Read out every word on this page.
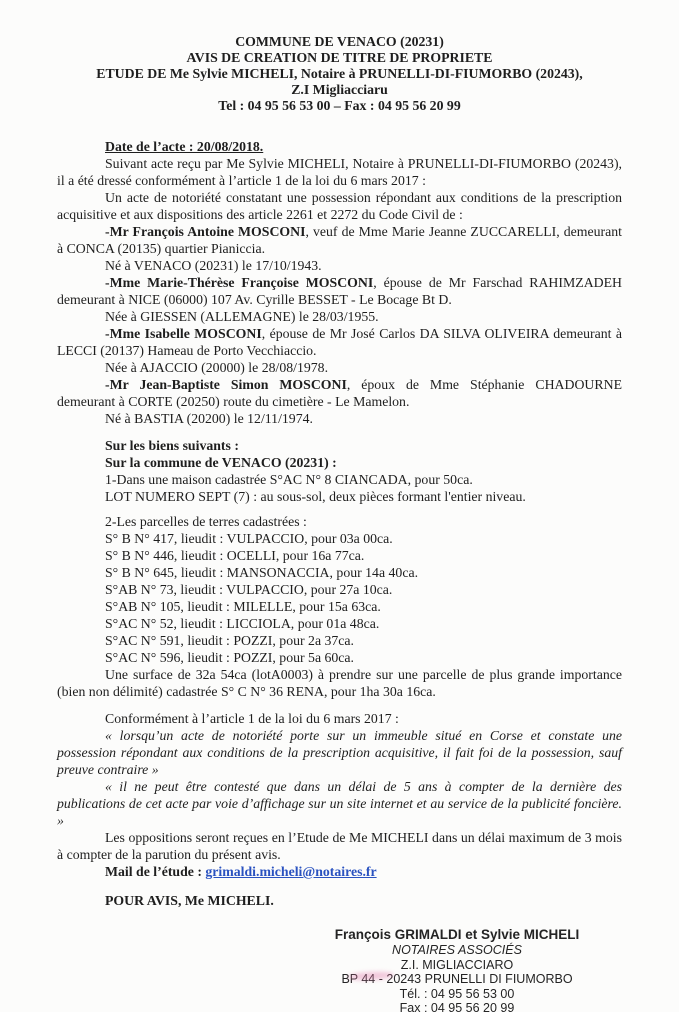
COMMUNE DE VENACO (20231)

AVIS DE CREATION DE TITRE DE PROPRIETE

ETUDE DE Me Sylvie MICHELI, Notaire à PRUNELLI-DI-FIUMORBO (20243),

Z.I Migliacciaru

Tel : 04 95 56 53 00 – Fax : 04 95 56 20 99

Date de l’acte : 20/08/2018.

Suivant acte reçu par Me Sylvie MICHELI, Notaire à PRUNELLI-DI-FIUMORBO (20243), il a été dressé conformément à l’article 1 de la loi du 6 mars 2017 :

Un acte de notoriété constatant une possession répondant aux conditions de la prescription acquisitive et aux dispositions des article 2261 et 2272 du Code Civil de :

-Mr François Antoine MOSCONI, veuf de Mme Marie Jeanne ZUCCARELLI, demeurant à CONCA (20135) quartier Pianiccia.

Né à VENACO (20231) le 17/10/1943.

-Mme Marie-Thérèse Françoise MOSCONI, épouse de Mr Farschad RAHIMZADEH demeurant à NICE (06000) 107 Av. Cyrille BESSET - Le Bocage Bt D.

Née à GIESSEN (ALLEMAGNE) le 28/03/1955.

-Mme Isabelle MOSCONI, épouse de Mr José Carlos DA SILVA OLIVEIRA demeurant à LECCI (20137) Hameau de Porto Vecchiaccio.

Née à AJACCIO (20000) le 28/08/1978.

-Mr Jean-Baptiste Simon MOSCONI, époux de Mme Stéphanie CHADOURNE demeurant à CORTE (20250) route du cimetière - Le Mamelon.

Né à BASTIA (20200) le 12/11/1974.

Sur les biens suivants :

Sur la commune de VENACO (20231) :

1-Dans une maison cadastrée S°AC N° 8 CIANCADA, pour 50ca.

LOT NUMERO SEPT (7) : au sous-sol, deux pièces formant l'entier niveau.

2-Les parcelles de terres cadastrées :

S° B N° 417, lieudit : VULPACCIO, pour 03a 00ca.

S° B N° 446, lieudit : OCELLI, pour 16a 77ca.

S° B N° 645, lieudit : MANSONACCIA, pour 14a 40ca.

S°AB N° 73, lieudit : VULPACCIO, pour 27a 10ca.

S°AB N° 105, lieudit : MILELLE, pour 15a 63ca.

S°AC N° 52, lieudit : LICCIOLA, pour 01a 48ca.

S°AC N° 591, lieudit : POZZI, pour 2a 37ca.

S°AC N° 596, lieudit : POZZI, pour 5a 60ca.

Une surface de 32a 54ca (lotA0003) à prendre sur une parcelle de plus grande importance (bien non délimité) cadastrée S° C N° 36 RENA, pour 1ha 30a 16ca.

Conformément à l’article 1 de la loi du 6 mars 2017 :

« lorsqu’un acte de notoriété porte sur un immeuble situé en Corse et constate une possession répondant aux conditions de la prescription acquisitive, il fait foi de la possession, sauf preuve contraire »

« il ne peut être contesté que dans un délai de 5 ans à compter de la dernière des publications de cet acte par voie d’affichage sur un site internet et au service de la publicité foncière. »

Les oppositions seront reçues en l’Etude de Me MICHELI dans un délai maximum de 3 mois à compter de la parution du présent avis.

Mail de l’étude : grimaldi.micheli@notaires.fr

POUR AVIS, Me MICHELI.

François GRIMALDI et Sylvie MICHELI

NOTAIRES ASSOCIÉS

Z.I. MIGLIACCIARO

BP 44 - 20243 PRUNELLI DI FIUMORBO

Tél. : 04 95 56 53 00

Fax : 04 95 56 20 99
